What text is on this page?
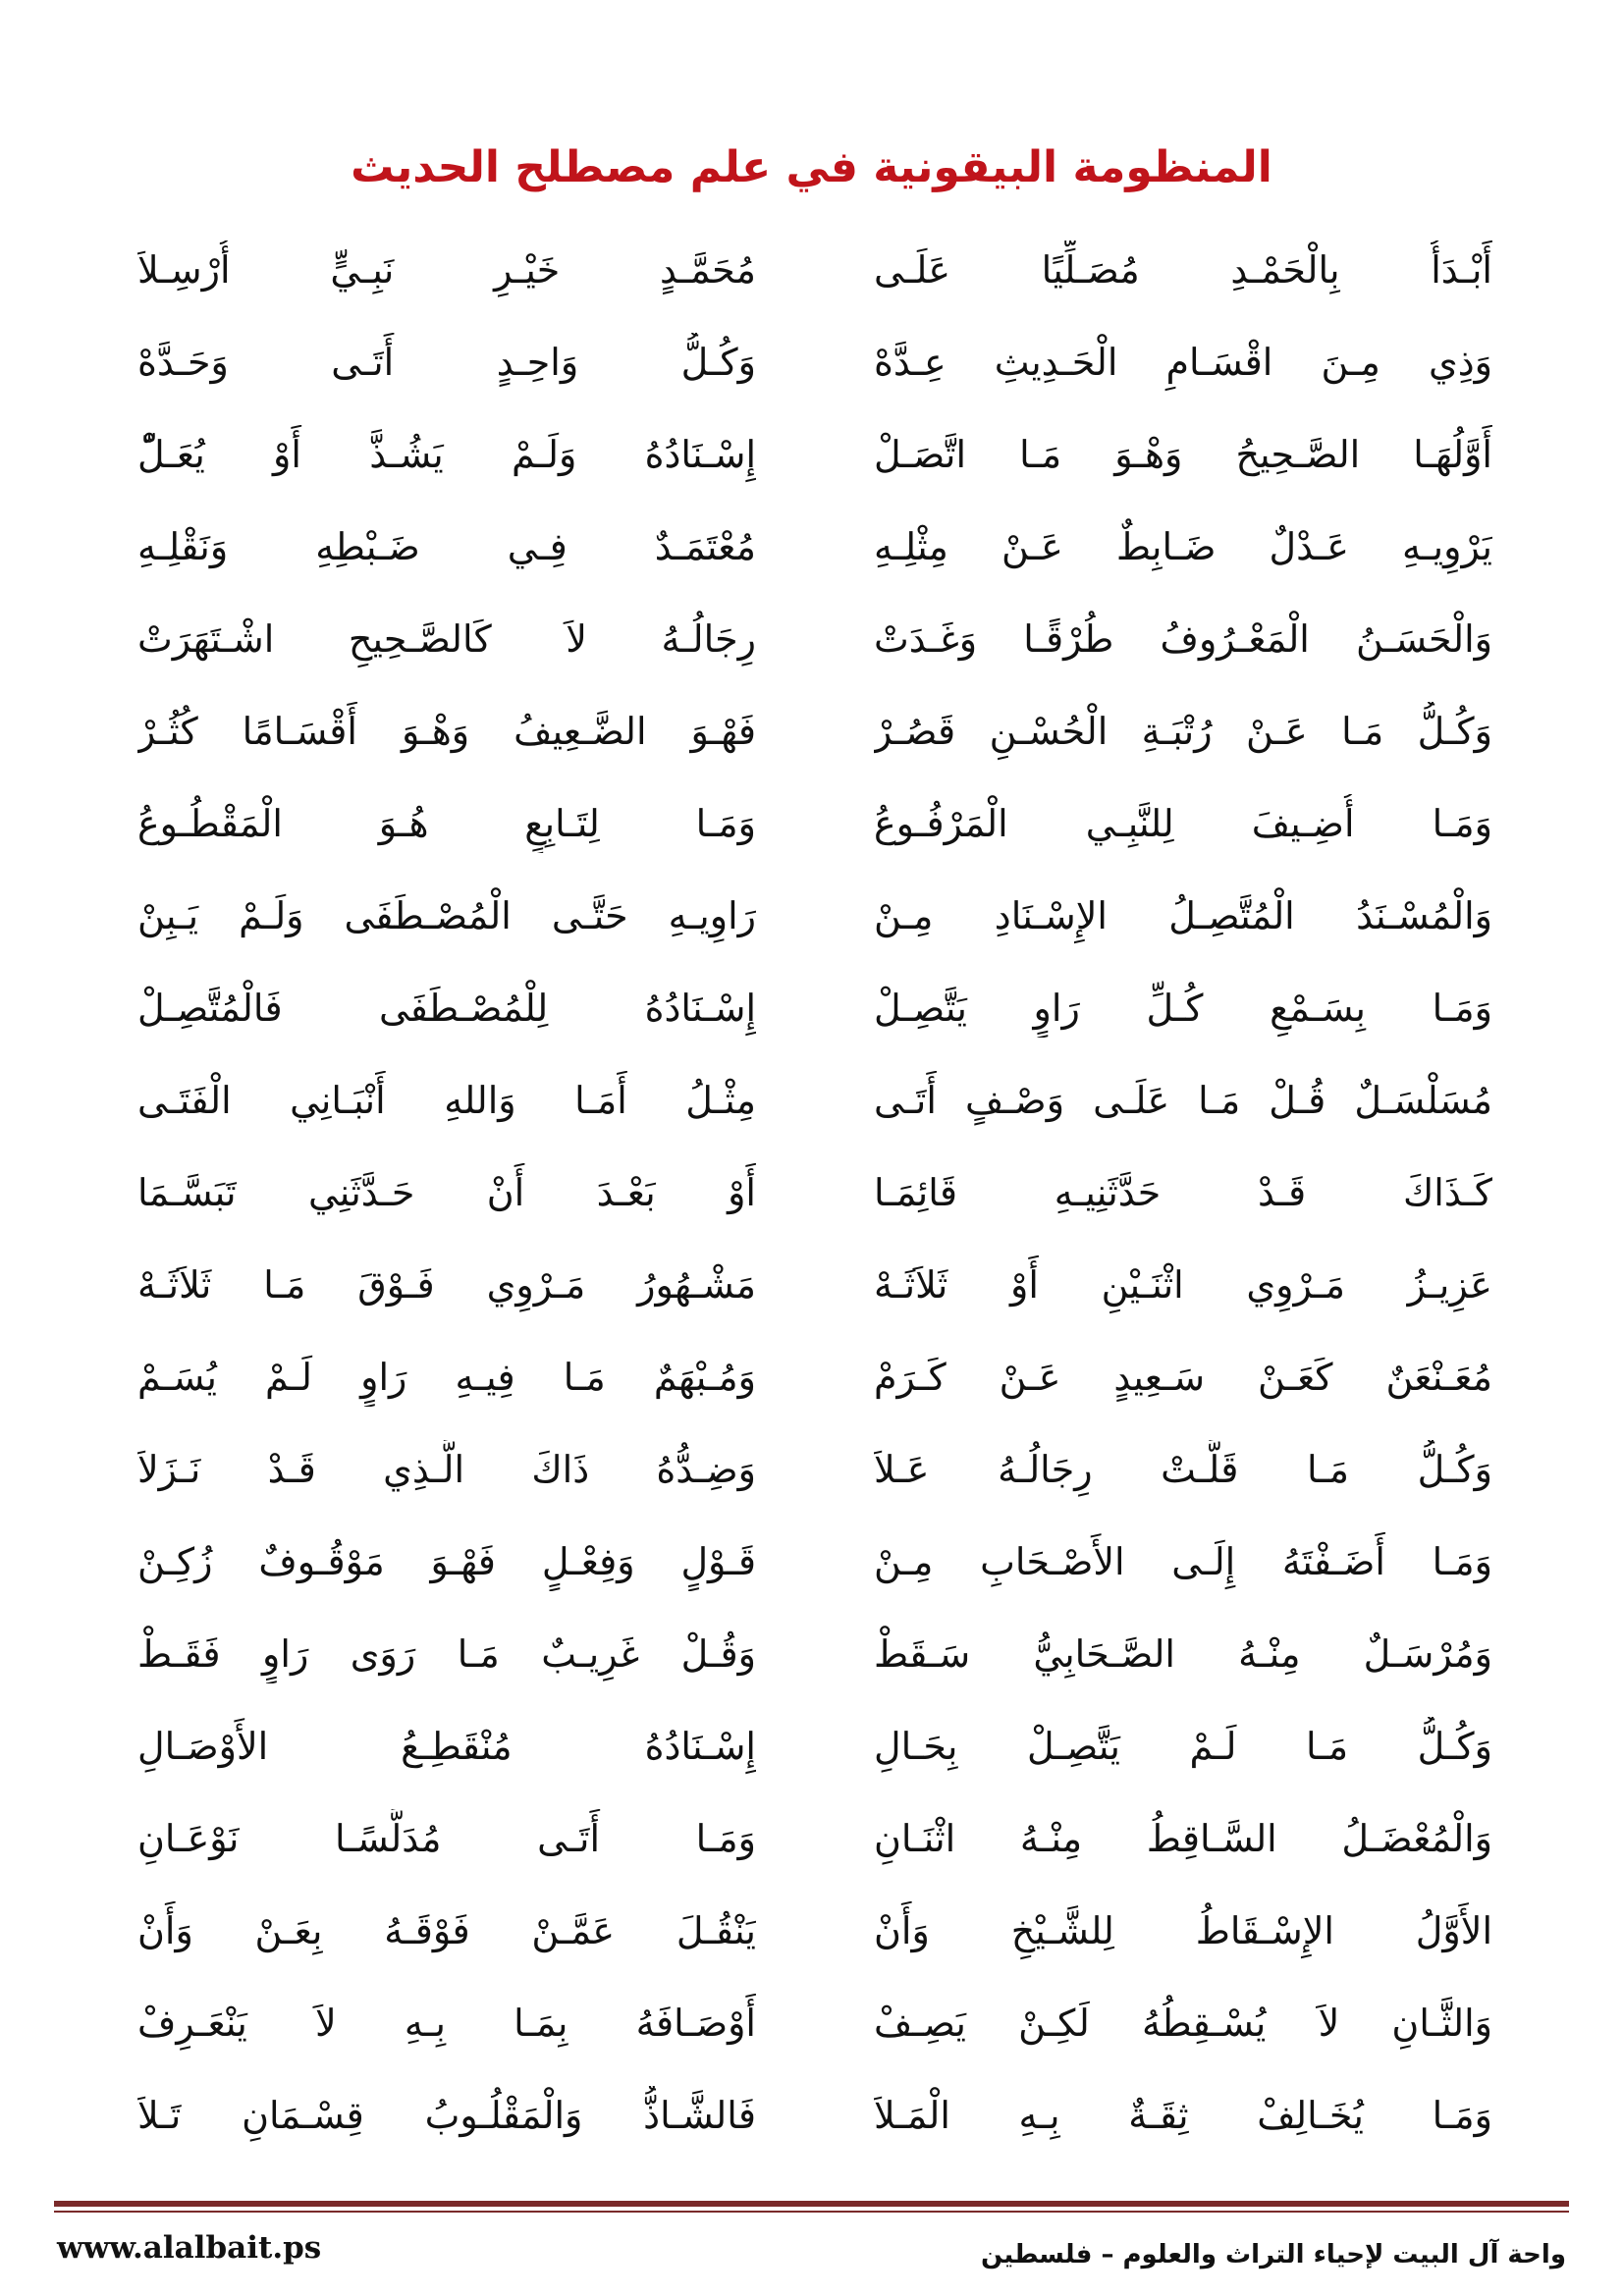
المنظومة البيقونية في علم مصطلح الحديث
أَبْـدَأُ بِالْحَمْـدِ مُصَـلِّيًا عَلَـى
مُحَمَّـدٍ خَيْـرِ نَبِـيٍّ أُرْسِـلاَ
وَذِي مِـنَ اقْسَـامِ الْحَـدِيثِ عِـدَّهْ
وَكُـلُّ وَاحِـدٍ أَتَـى وَحَـدَّهْ
أَوَّلُهَـا الصَّـحِيحُ وَهْـوَ مَـا اتَّصَـلْ
إِسْـنَادُهُ وَلَـمْ يَشُـذَّ أَوْ يُعَـلّْ
يَرْوِيـهِ عَـدْلٌ ضَـابِطٌ عَـنْ مِثْلِـهِ
مُعْتَمَـدٌ فِـي ضَـبْطِهِ وَنَقْلِـهِ
وَالْحَسَـنُ الْمَعْـرُوفُ طُرْقًـا وَغَـدَتْ
رِجَالُـهُ لاَ كَالصَّـحِيحِ اشْـتَهَرَتْ
وَكُـلُّ مَـا عَـنْ رُتْبَـةِ الْحُسْـنِ قَصُـرْ
فَهْـوَ الضَّـعِيفُ وَهْـوَ أَقْسَـامًا كُثُـرْ
وَمَـا أُضِـيفَ لِلنَّبِـي الْمَرْفُـوعُ
وَمَـا لِتَـابِعٍ هُـوَ الْمَقْطُـوعُ
وَالْمُسْـنَدُ الْمُتَّصِـلُ الإِسْـنَادِ مِـنْ
رَاوِيـهِ حَتَّـى الْمُصْـطَفَى وَلَـمْ يَـبِنْ
وَمَـا بِسَـمْعِ كُـلِّ رَاوٍ يَتَّصِـلْ
إِسْـنَادُهُ لِلْمُصْـطَفَى فَالْمُتَّصِـلْ
مُسَلْسَـلٌ قُـلْ مَـا عَلَـى وَصْـفٍ أَتَـى
مِثْـلُ أَمَـا وَاللهِ أَنْبَـانِي الْفَتَـى
كَـذَاكَ قَـدْ حَدَّثَنِيـهِ قَائِمَـا
أَوْ بَعْـدَ أَنْ حَـدَّثَنِي تَبَسَّـمَا
عَزِيـزُ مَـرْوِي اثْنَـيْنِ أَوْ ثَلاَثَـهْ
مَشْـهُورُ مَـرْوِي فَـوْقَ مَـا ثَلاَثَـهْ
مُعَـنْعَنٌ كَعَـنْ سَـعِيدٍ عَـنْ كَـرَمْ
وَمُـبْهَمٌ مَـا فِيـهِ رَاوٍ لَـمْ يُسَـمْ
وَكُـلُّ مَـا قَلَّـتْ رِجَالُـهُ عَـلاَ
وَضِـدُّهُ ذَاكَ الَّـذِي قَـدْ نَـزَلاَ
وَمَـا أَضَـفْتَهُ إِلَـى الأَصْـحَابِ مِـنْ
قَـوْلٍ وَفِعْـلٍ فَهْـوَ مَوْقُـوفٌ زُكِـنْ
وَمُرْسَـلٌ مِنْـهُ الصَّـحَابِيُّ سَـقَطْ
وَقُـلْ غَرِيـبٌ مَـا رَوَى رَاوٍ فَقَـطْ
وَكُـلُّ مَـا لَـمْ يَتَّصِـلْ بِحَـالِ
إِسْـنَادُهُ مُنْقَطِـعُ الأَوْصَـالِ
وَالْمُعْضَـلُ السَّـاقِطُ مِنْـهُ اثْنَـانِ
وَمَـا أَتَـى مُدَلَّسًـا نَوْعَـانِ
الأَوَّلُ الإِسْـقَاطُ لِلشَّـيْخِ وَأَنْ
يَنْقُـلَ عَمَّـنْ فَوْقَـهُ بِعَـنْ وَأَنْ
وَالثَّـانِ لاَ يُسْـقِطُهُ لَكِـنْ يَصِـفْ
أَوْصَـافَهُ بِمَـا بِـهِ لاَ يَنْعَـرِفْ
وَمَـا يُخَـالِفْ ثِقَـةٌ بِـهِ الْمَـلاَ
فَالشَّـاذُّ وَالْمَقْلُـوبُ قِسْـمَانِ تَـلاَ
www.alalbait.ps	واحة آل البيت لإحياء التراث والعلوم – فلسطين
